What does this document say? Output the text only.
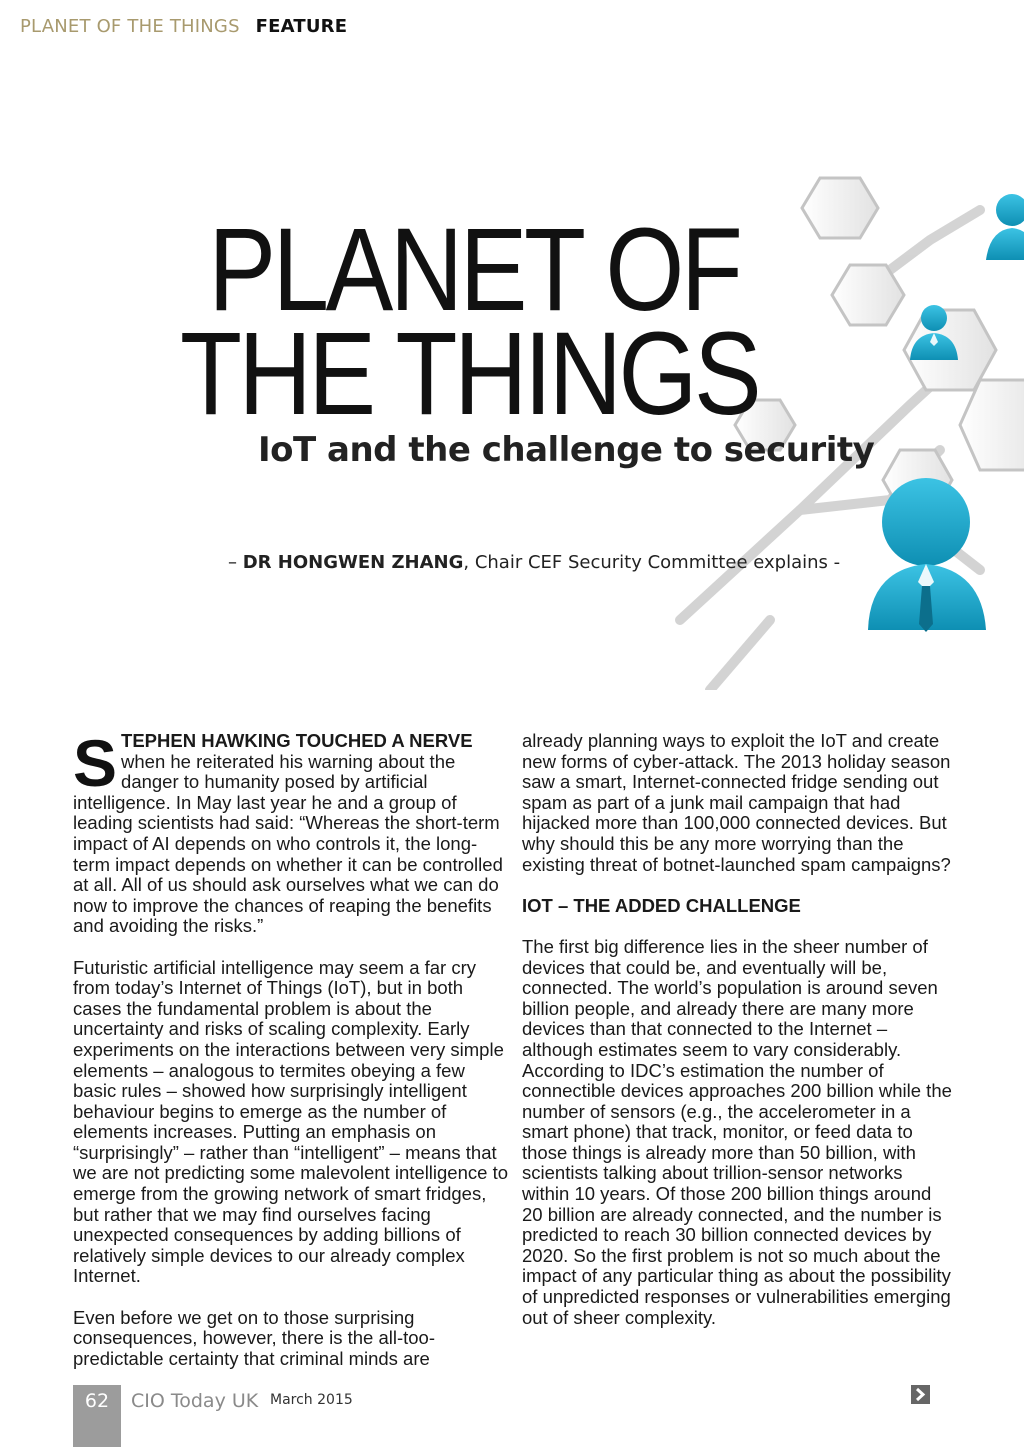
PLANET OF THE THINGS FEATURE
PLANET OF
THE THINGS
IoT and the challenge to security
– DR HONGWEN ZHANG, Chair CEF Security Committee explains -

STEPHEN HAWKING TOUCHED A NERVE when he reiterated his warning about the danger to humanity posed by artificial intelligence. In May last year he and a group of leading scientists had said: “Whereas the short-term impact of AI depends on who controls it, the long-term impact depends on whether it can be controlled at all. All of us should ask ourselves what we can do now to improve the chances of reaping the benefits and avoiding the risks.”

Futuristic artificial intelligence may seem a far cry from today’s Internet of Things (IoT), but in both cases the fundamental problem is about the uncertainty and risks of scaling complexity. Early experiments on the interactions between very simple elements – analogous to termites obeying a few basic rules – showed how surprisingly intelligent behaviour begins to emerge as the number of elements increases. Putting an emphasis on “surprisingly” – rather than “intelligent” – means that we are not predicting some malevolent intelligence to emerge from the growing network of smart fridges, but rather that we may find ourselves facing unexpected consequences by adding billions of relatively simple devices to our already complex Internet.

Even before we get on to those surprising consequences, however, there is the all-too-predictable certainty that criminal minds are

already planning ways to exploit the IoT and create new forms of cyber-attack. The 2013 holiday season saw a smart, Internet-connected fridge sending out spam as part of a junk mail campaign that had hijacked more than 100,000 connected devices. But why should this be any more worrying than the existing threat of botnet-launched spam campaigns?

IOT – THE ADDED CHALLENGE

The first big difference lies in the sheer number of devices that could be, and eventually will be, connected. The world’s population is around seven billion people, and already there are many more devices than that connected to the Internet – although estimates seem to vary considerably. According to IDC’s estimation the number of connectible devices approaches 200 billion while the number of sensors (e.g., the accelerometer in a smart phone) that track, monitor, or feed data to those things is already more than 50 billion, with scientists talking about trillion-sensor networks within 10 years. Of those 200 billion things around 20 billion are already connected, and the number is predicted to reach 30 billion connected devices by 2020. So the first problem is not so much about the impact of any particular thing as about the possibility of unpredicted responses or vulnerabilities emerging out of sheer complexity.

62	CIO Today UK March 2015
